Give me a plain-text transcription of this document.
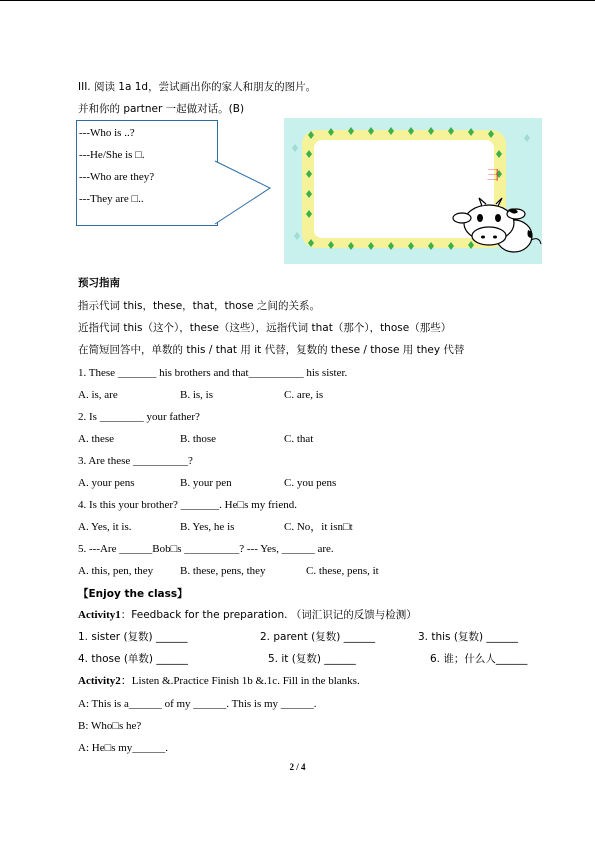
III. 阅读 1a 1d，尝试画出你的家人和朋友的图片。
并和你的 partner 一起做对话。(B)
---Who is ..?
---He/She is □.
---Who are they?
---They are □..
彐
预习指南
指示代词 this，these，that，those 之间的关系。
近指代词 this（这个），these（这些），远指代词 that（那个），those（那些）
在简短回答中，单数的 this / that 用 it 代替，复数的 these / those 用 they 代替
1. These _______ his brothers and that__________ his sister.
A. is, are	B. is, is	C. are, is
2. Is ________ your father?
A. these	B. those	C. that
3. Are these __________?
A. your pens	B. your pen	C. you pens
4. Is this your brother? _______. He□s my friend.
A. Yes, it is.	B. Yes, he is	C. No，it isn□t
5. ---Are ______Bob□s __________? --- Yes, ______ are.
A. this, pen, they B. these, pens, they	C. these, pens, it
【Enjoy the class】
Activity1：Feedback for the preparation. （词汇识记的反馈与检测）
1. sister (复数) ______	2. parent (复数) ______	3. this (复数) ______
4. those (单数) ______	5. it (复数) ______	6. 谁；什么人______
Activity2：Listen &.Practice Finish 1b &.1c. Fill in the blanks.
A: This is a______ of my ______. This is my ______.
B: Who□s he?
A: He□s my______.
2 / 4
